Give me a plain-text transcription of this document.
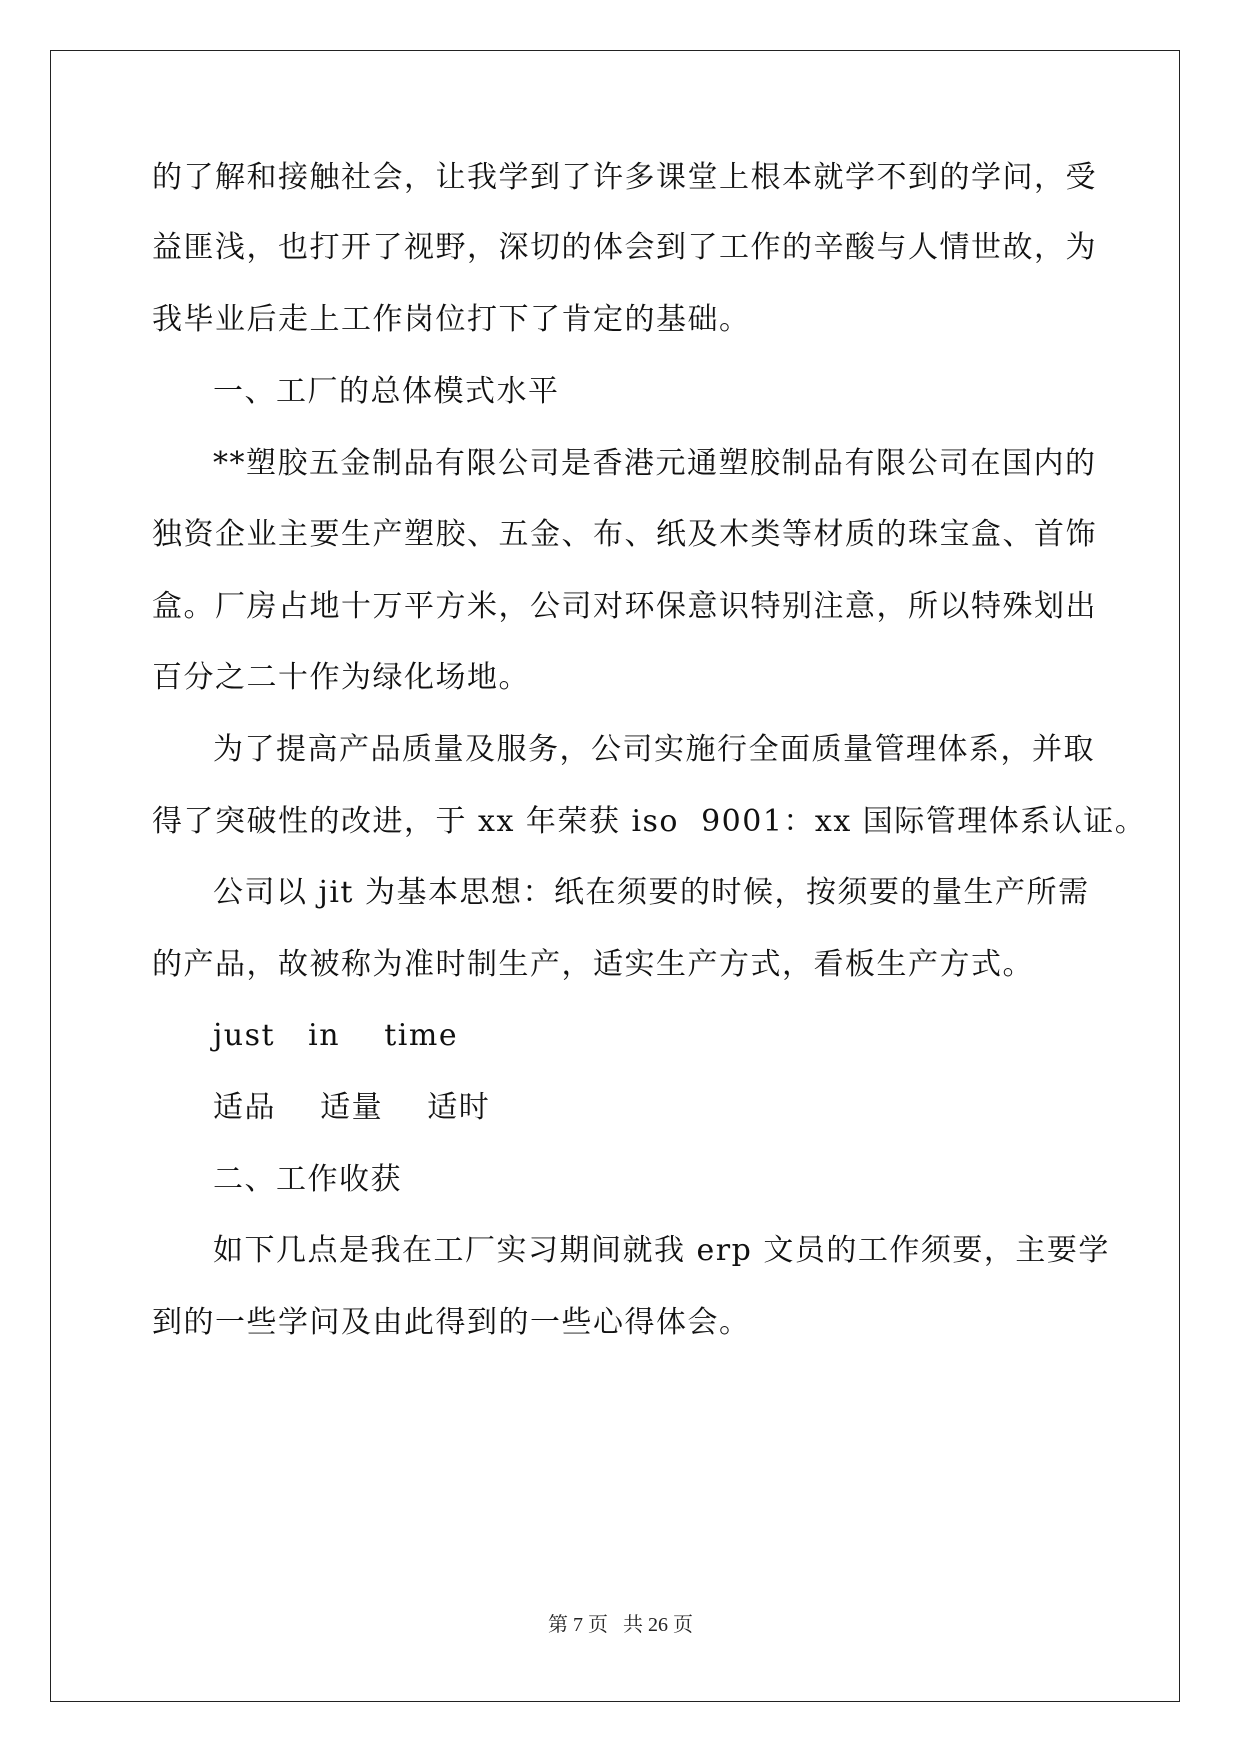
的了解和接触社会，让我学到了许多课堂上根本就学不到的学问，受
益匪浅，也打开了视野，深切的体会到了工作的辛酸与人情世故，为
我毕业后走上工作岗位打下了肯定的基础。
一、工厂的总体模式水平
**塑胶五金制品有限公司是香港元通塑胶制品有限公司在国内的
独资企业主要生产塑胶、五金、布、纸及木类等材质的珠宝盒、首饰
盒。厂房占地十万平方米，公司对环保意识特别注意，所以特殊划出
百分之二十作为绿化场地。
为了提高产品质量及服务，公司实施行全面质量管理体系，并取
得了突破性的改进，于 xx 年荣获 iso  9001：xx 国际管理体系认证。
公司以 jit 为基本思想：纸在须要的时候，按须要的量生产所需
的产品，故被称为准时制生产，适实生产方式，看板生产方式。
just   in    time
适品    适量    适时
二、工作收获
如下几点是我在工厂实习期间就我 erp 文员的工作须要，主要学
到的一些学问及由此得到的一些心得体会。
第 7 页   共 26 页
